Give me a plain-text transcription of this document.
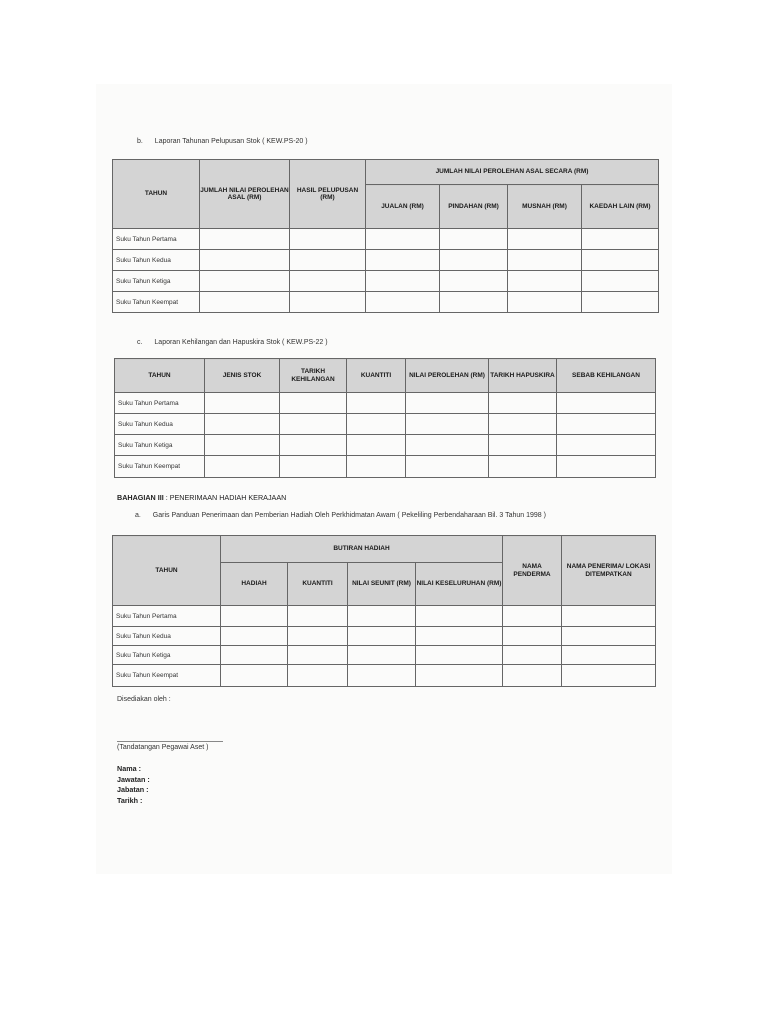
b. Laporan Tahunan Pelupusan Stok ( KEW.PS-20 )
TAHUN	JUMLAH NILAI PEROLEHAN ASAL (RM)	HASIL PELUPUSAN (RM)	JUMLAH NILAI PEROLEHAN ASAL SECARA (RM)			
			JUALAN (RM)	PINDAHAN (RM)	MUSNAH (RM)	KAEDAH LAIN (RM)
Suku Tahun Pertama						
Suku Tahun Kedua						
Suku Tahun Ketiga						
Suku Tahun Keempat						
c. Laporan Kehilangan dan Hapuskira Stok ( KEW.PS-22 )
TAHUN	JENIS STOK	TARIKH KEHILANGAN	KUANTITI	NILAI PEROLEHAN (RM)	TARIKH HAPUSKIRA	SEBAB KEHILANGAN
Suku Tahun Pertama						
Suku Tahun Kedua						
Suku Tahun Ketiga						
Suku Tahun Keempat						
BAHAGIAN III : PENERIMAAN HADIAH KERAJAAN
a. Garis Panduan Penerimaan dan Pemberian Hadiah Oleh Perkhidmatan Awam ( Pekeliling Perbendaharaan Bil. 3 Tahun 1998 )
TAHUN	BUTIRAN HADIAH				NAMA PENDERMA	NAMA PENERIMA/ LOKASI DITEMPATKAN
	HADIAH	KUANTITI	NILAI SEUNIT (RM)	NILAI KESELURUHAN (RM)		
Suku Tahun Pertama						
Suku Tahun Kedua						
Suku Tahun Ketiga						
Suku Tahun Keempat						
Disediakan oleh :
(Tandatangan Pegawai Aset )
Nama :
Jawatan :
Jabatan :
Tarikh :
